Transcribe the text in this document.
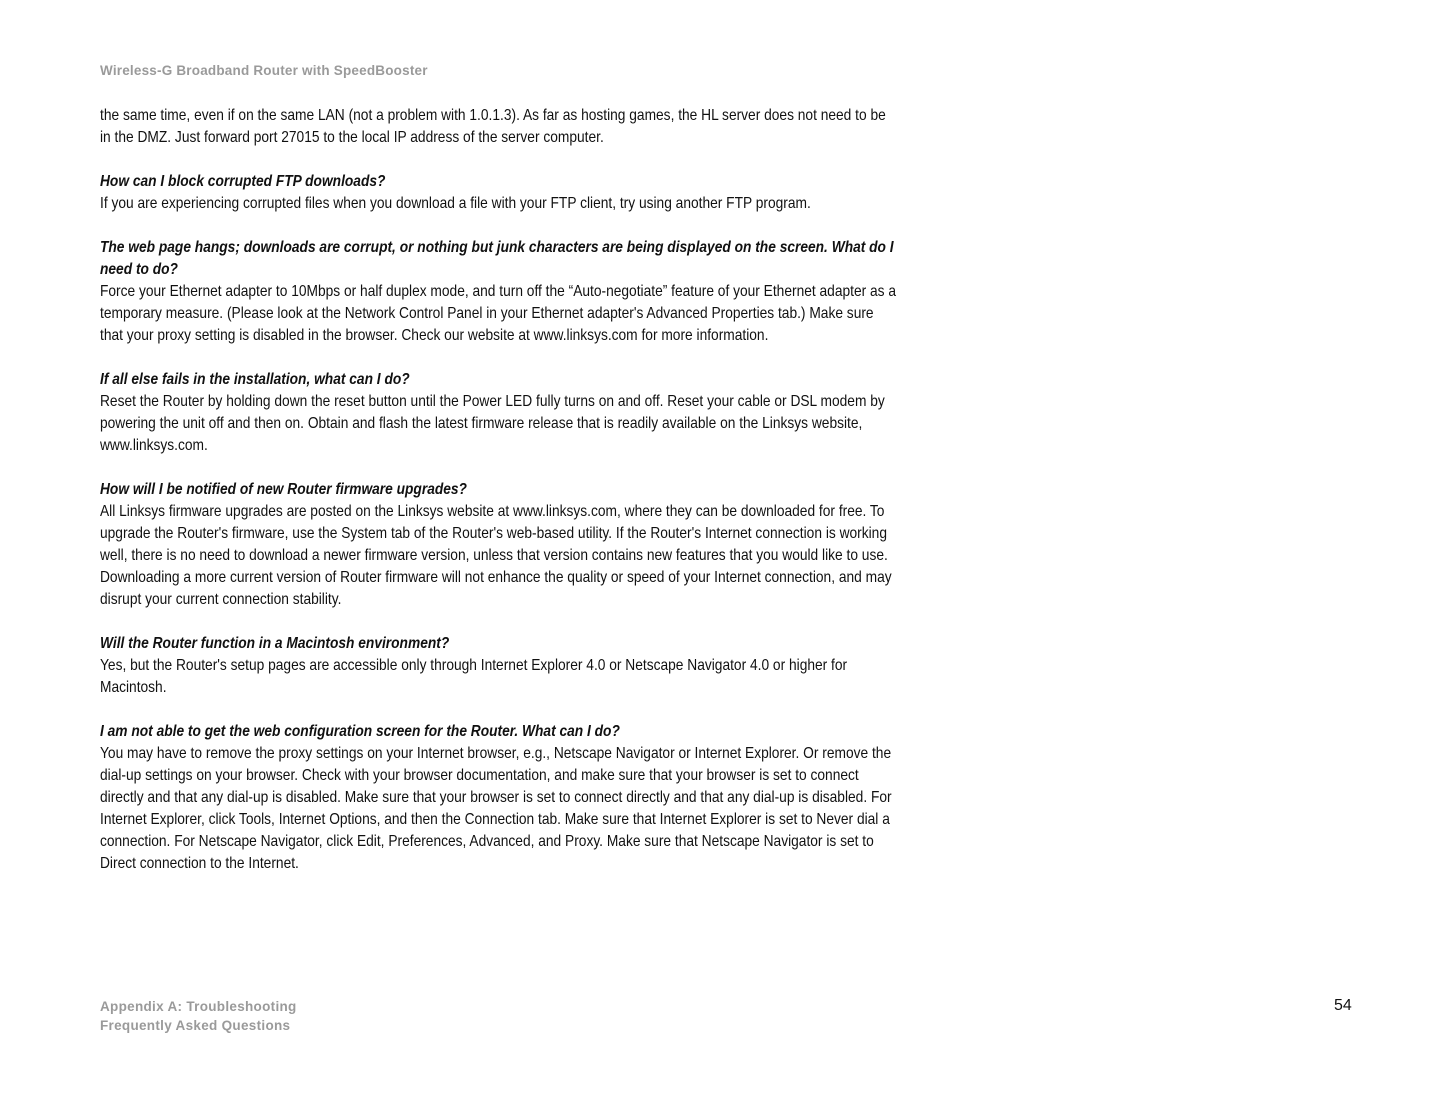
Wireless-G Broadband Router with SpeedBooster

the same time, even if on the same LAN (not a problem with 1.0.1.3). As far as hosting games, the HL server does not need to be in the DMZ. Just forward port 27015 to the local IP address of the server computer.

How can I block corrupted FTP downloads?

If you are experiencing corrupted files when you download a file with your FTP client, try using another FTP program.

The web page hangs; downloads are corrupt, or nothing but junk characters are being displayed on the screen. What do I need to do?

Force your Ethernet adapter to 10Mbps or half duplex mode, and turn off the “Auto-negotiate” feature of your Ethernet adapter as a temporary measure. (Please look at the Network Control Panel in your Ethernet adapter's Advanced Properties tab.) Make sure that your proxy setting is disabled in the browser. Check our website at www.linksys.com for more information.

If all else fails in the installation, what can I do?

Reset the Router by holding down the reset button until the Power LED fully turns on and off. Reset your cable or DSL modem by powering the unit off and then on. Obtain and flash the latest firmware release that is readily available on the Linksys website, www.linksys.com.

How will I be notified of new Router firmware upgrades?

All Linksys firmware upgrades are posted on the Linksys website at www.linksys.com, where they can be downloaded for free. To upgrade the Router's firmware, use the System tab of the Router's web-based utility. If the Router's Internet connection is working well, there is no need to download a newer firmware version, unless that version contains new features that you would like to use. Downloading a more current version of Router firmware will not enhance the quality or speed of your Internet connection, and may disrupt your current connection stability.

Will the Router function in a Macintosh environment?

Yes, but the Router's setup pages are accessible only through Internet Explorer 4.0 or Netscape Navigator 4.0 or higher for Macintosh.

I am not able to get the web configuration screen for the Router. What can I do?

You may have to remove the proxy settings on your Internet browser, e.g., Netscape Navigator or Internet Explorer. Or remove the dial-up settings on your browser. Check with your browser documentation, and make sure that your browser is set to connect directly and that any dial-up is disabled. Make sure that your browser is set to connect directly and that any dial-up is disabled. For Internet Explorer, click Tools, Internet Options, and then the Connection tab. Make sure that Internet Explorer is set to Never dial a connection. For Netscape Navigator, click Edit, Preferences, Advanced, and Proxy. Make sure that Netscape Navigator is set to Direct connection to the Internet.

Appendix A: Troubleshooting
Frequently Asked Questions
54
